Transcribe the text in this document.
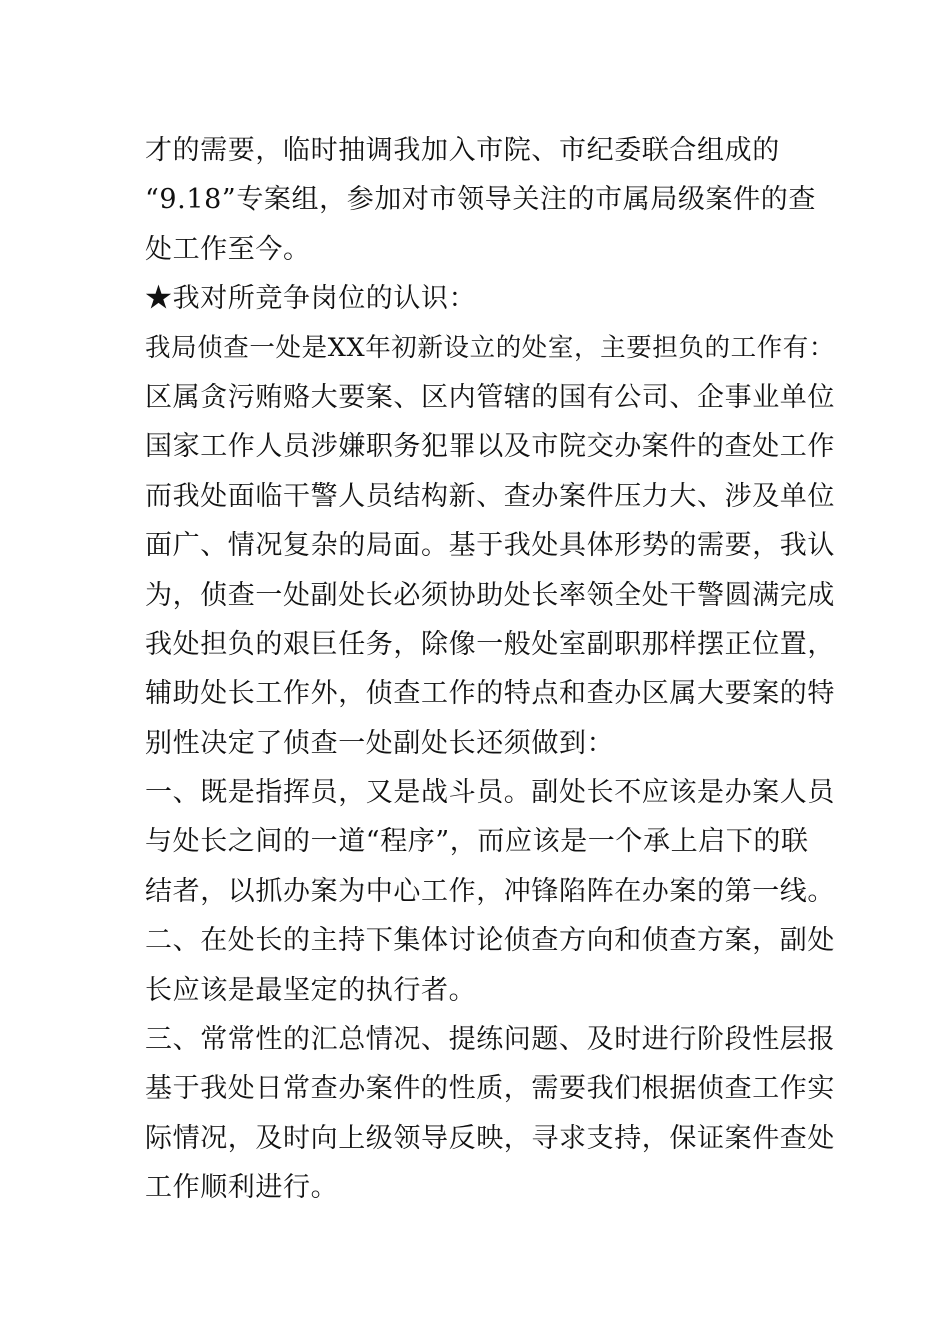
才的需要，临时抽调我加入市院、市纪委联合组成的
“9.18”专案组，参加对市领导关注的市属局级案件的查
处工作至今。
★我对所竞争岗位的认识：
我局侦查一处是XX年初新设立的处室，主要担负的工作有：
区属贪污贿赂大要案、区内管辖的国有公司、企事业单位
国家工作人员涉嫌职务犯罪以及市院交办案件的查处工作
而我处面临干警人员结构新、查办案件压力大、涉及单位
面广、情况复杂的局面。基于我处具体形势的需要，我认
为，侦查一处副处长必须协助处长率领全处干警圆满完成
我处担负的艰巨任务，除像一般处室副职那样摆正位置，
辅助处长工作外，侦查工作的特点和查办区属大要案的特
别性决定了侦查一处副处长还须做到：
一、既是指挥员，又是战斗员。副处长不应该是办案人员
与处长之间的一道“程序”，而应该是一个承上启下的联
结者，以抓办案为中心工作，冲锋陷阵在办案的第一线。
二、在处长的主持下集体讨论侦查方向和侦查方案，副处
长应该是最坚定的执行者。
三、常常性的汇总情况、提练问题、及时进行阶段性层报
基于我处日常查办案件的性质，需要我们根据侦查工作实
际情况，及时向上级领导反映，寻求支持，保证案件查处
工作顺利进行。
